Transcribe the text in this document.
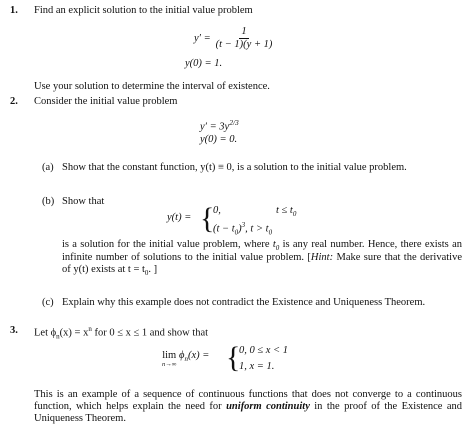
1. Find an explicit solution to the initial value problem
$y' = \frac{1}{(t - 1)(y + 1)}$
y(0) = 1.
Use your solution to determine the interval of existence.
2. Consider the initial value problem
$y' = 3y^{2/3}$
y(0) = 0.
(a) Show that the constant function, y(t) ≡ 0, is a solution to the initial value problem.
(b) Show that
y(t) = {
0,	$t \le t_0$
$(t - t_0)^3$, $t > t_0$
is a solution for the initial value problem, where $t_0$ is any real number. Hence, there exists an infinite number of solutions to the initial value problem. [Hint: Make sure that the derivative of y(t) exists at $t = t_0$. ]
(c) Explain why this example does not contradict the Existence and Uniqueness Theorem.
3. Let $\phi_n(x) = x^n$ for 0 ≤ x ≤ 1 and show that
lim
n→∞
$\phi_n(x)$ = {
0, 0 ≤ x < 1
1, x = 1.
This is an example of a sequence of continuous functions that does not converge to a continuous function, which helps explain the need for uniform continuity in the proof of the Existence and Uniqueness Theorem.
